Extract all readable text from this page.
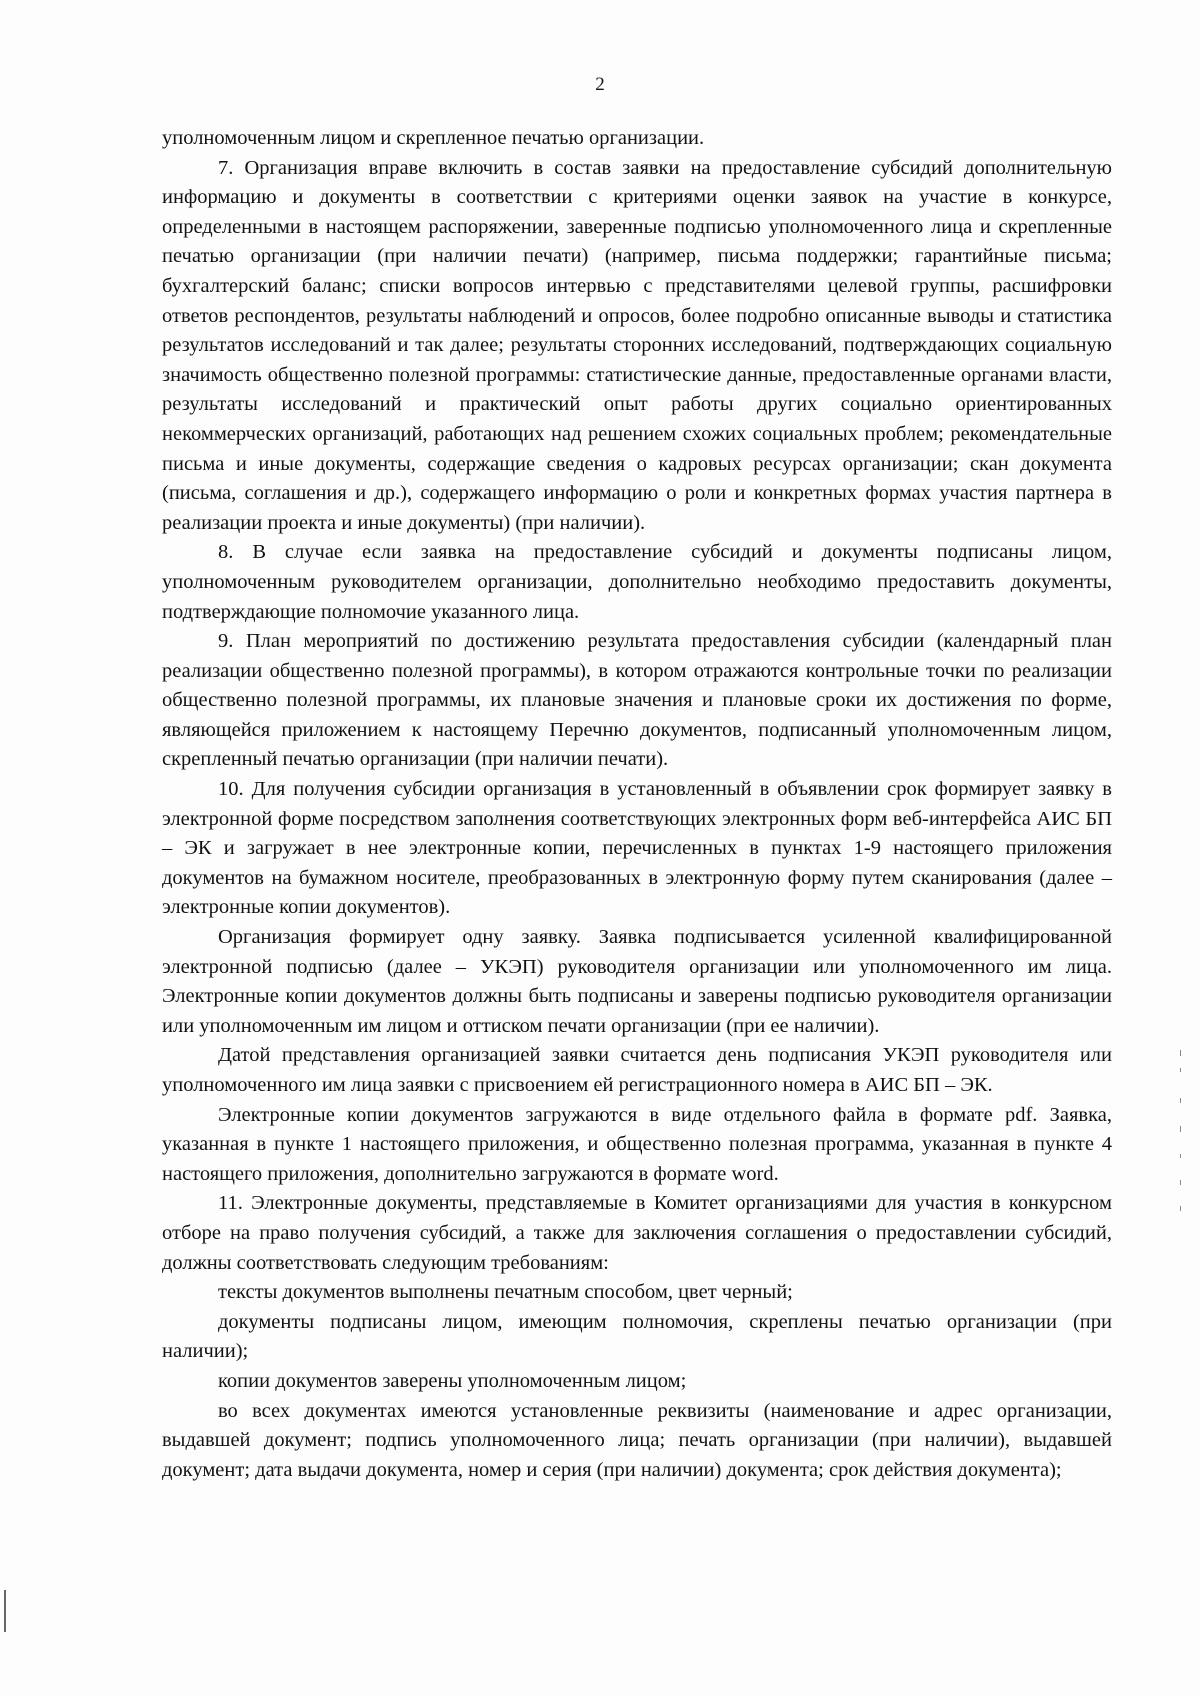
2

уполномоченным лицом и скрепленное печатью организации.

7. Организация вправе включить в состав заявки на предоставление субсидий дополнительную информацию и документы в соответствии с критериями оценки заявок на участие в конкурсе, определенными в настоящем распоряжении, заверенные подписью уполномоченного лица и скрепленные печатью организации (при наличии печати) (например, письма поддержки; гарантийные письма; бухгалтерский баланс; списки вопросов интервью с представителями целевой группы, расшифровки ответов респондентов, результаты наблюдений и опросов, более подробно описанные выводы и статистика результатов исследований и так далее; результаты сторонних исследований, подтверждающих социальную значимость общественно полезной программы: статистические данные, предоставленные органами власти, результаты исследований и практический опыт работы других социально ориентированных некоммерческих организаций, работающих над решением схожих социальных проблем; рекомендательные письма и иные документы, содержащие сведения о кадровых ресурсах организации; скан документа (письма, соглашения и др.), содержащего информацию о роли и конкретных формах участия партнера в реализации проекта и иные документы) (при наличии).

8. В случае если заявка на предоставление субсидий и документы подписаны лицом, уполномоченным руководителем организации, дополнительно необходимо предоставить документы, подтверждающие полномочие указанного лица.

9. План мероприятий по достижению результата предоставления субсидии (календарный план реализации общественно полезной программы), в котором отражаются контрольные точки по реализации общественно полезной программы, их плановые значения и плановые сроки их достижения по форме, являющейся приложением к настоящему Перечню документов, подписанный уполномоченным лицом, скрепленный печатью организации (при наличии печати).

10. Для получения субсидии организация в установленный в объявлении срок формирует заявку в электронной форме посредством заполнения соответствующих электронных форм веб-интерфейса АИС БП – ЭК и загружает в нее электронные копии, перечисленных в пунктах 1-9 настоящего приложения документов на бумажном носителе, преобразованных в электронную форму путем сканирования (далее – электронные копии документов).

Организация формирует одну заявку. Заявка подписывается усиленной квалифицированной электронной подписью (далее – УКЭП) руководителя организации или уполномоченного им лица. Электронные копии документов должны быть подписаны и заверены подписью руководителя организации или уполномоченным им лицом и оттиском печати организации (при ее наличии).

Датой представления организацией заявки считается день подписания УКЭП руководителя или уполномоченного им лица заявки с присвоением ей регистрационного номера в АИС БП – ЭК.

Электронные копии документов загружаются в виде отдельного файла в формате pdf. Заявка, указанная в пункте 1 настоящего приложения, и общественно полезная программа, указанная в пункте 4 настоящего приложения, дополнительно загружаются в формате word.

11. Электронные документы, представляемые в Комитет организациями для участия в конкурсном отборе на право получения субсидий, а также для заключения соглашения о предоставлении субсидий, должны соответствовать следующим требованиям:

тексты документов выполнены печатным способом, цвет черный;

документы подписаны лицом, имеющим полномочия, скреплены печатью организации (при наличии);

копии документов заверены уполномоченным лицом;

во всех документах имеются установленные реквизиты (наименование и адрес организации, выдавшей документ; подпись уполномоченного лица; печать организации (при наличии), выдавшей документ; дата выдачи документа, номер и серия (при наличии) документа; срок действия документа);
